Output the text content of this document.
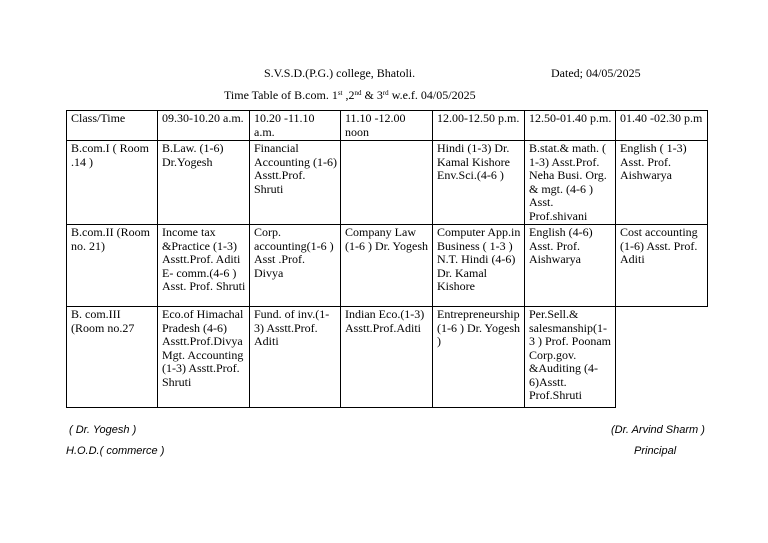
S.V.S.D.(P.G.) college, Bhatoli.	Dated; 04/05/2025
Time Table of B.com. 1st ,2nd & 3rd w.e.f. 04/05/2025
Class/Time	09.30-10.20 a.m.	10.20 -11.10 a.m.	11.10 -12.00 noon	12.00-12.50 p.m.	12.50-01.40 p.m.	01.40 -02.30 p.m
B.com.I ( Room .14 )	B.Law. (1-6) Dr.Yogesh	Financial Accounting (1-6) Asstt.Prof. Shruti		Hindi (1-3) Dr. Kamal Kishore Env.Sci.(4-6 )	B.stat.& math. ( 1-3) Asst.Prof. Neha Busi. Org. & mgt. (4-6 ) Asst. Prof.shivani	English ( 1-3) Asst. Prof. Aishwarya
B.com.II (Room no. 21)	Income tax &Practice (1-3) Asstt.Prof. Aditi E- comm.(4-6 ) Asst. Prof. Shruti	Corp. accounting(1-6 ) Asst .Prof. Divya	Company Law (1-6 ) Dr. Yogesh	Computer App.in Business ( 1-3 ) N.T. Hindi (4-6) Dr. Kamal Kishore	English (4-6) Asst. Prof. Aishwarya	Cost accounting (1-6) Asst. Prof. Aditi
B. com.III (Room no.27	Eco.of Himachal Pradesh (4-6) Asstt.Prof.Divya Mgt. Accounting (1-3) Asstt.Prof. Shruti	Fund. of inv.(1-3) Asstt.Prof. Aditi	Indian Eco.(1-3) Asstt.Prof.Aditi	Entrepreneurship (1-6 ) Dr. Yogesh )	Per.Sell.& salesmanship(1-3 ) Prof. Poonam Corp.gov. &Auditing (4-6)Asstt. Prof.Shruti	
( Dr. Yogesh )
H.O.D.( commerce )
(Dr. Arvind Sharm )
Principal
